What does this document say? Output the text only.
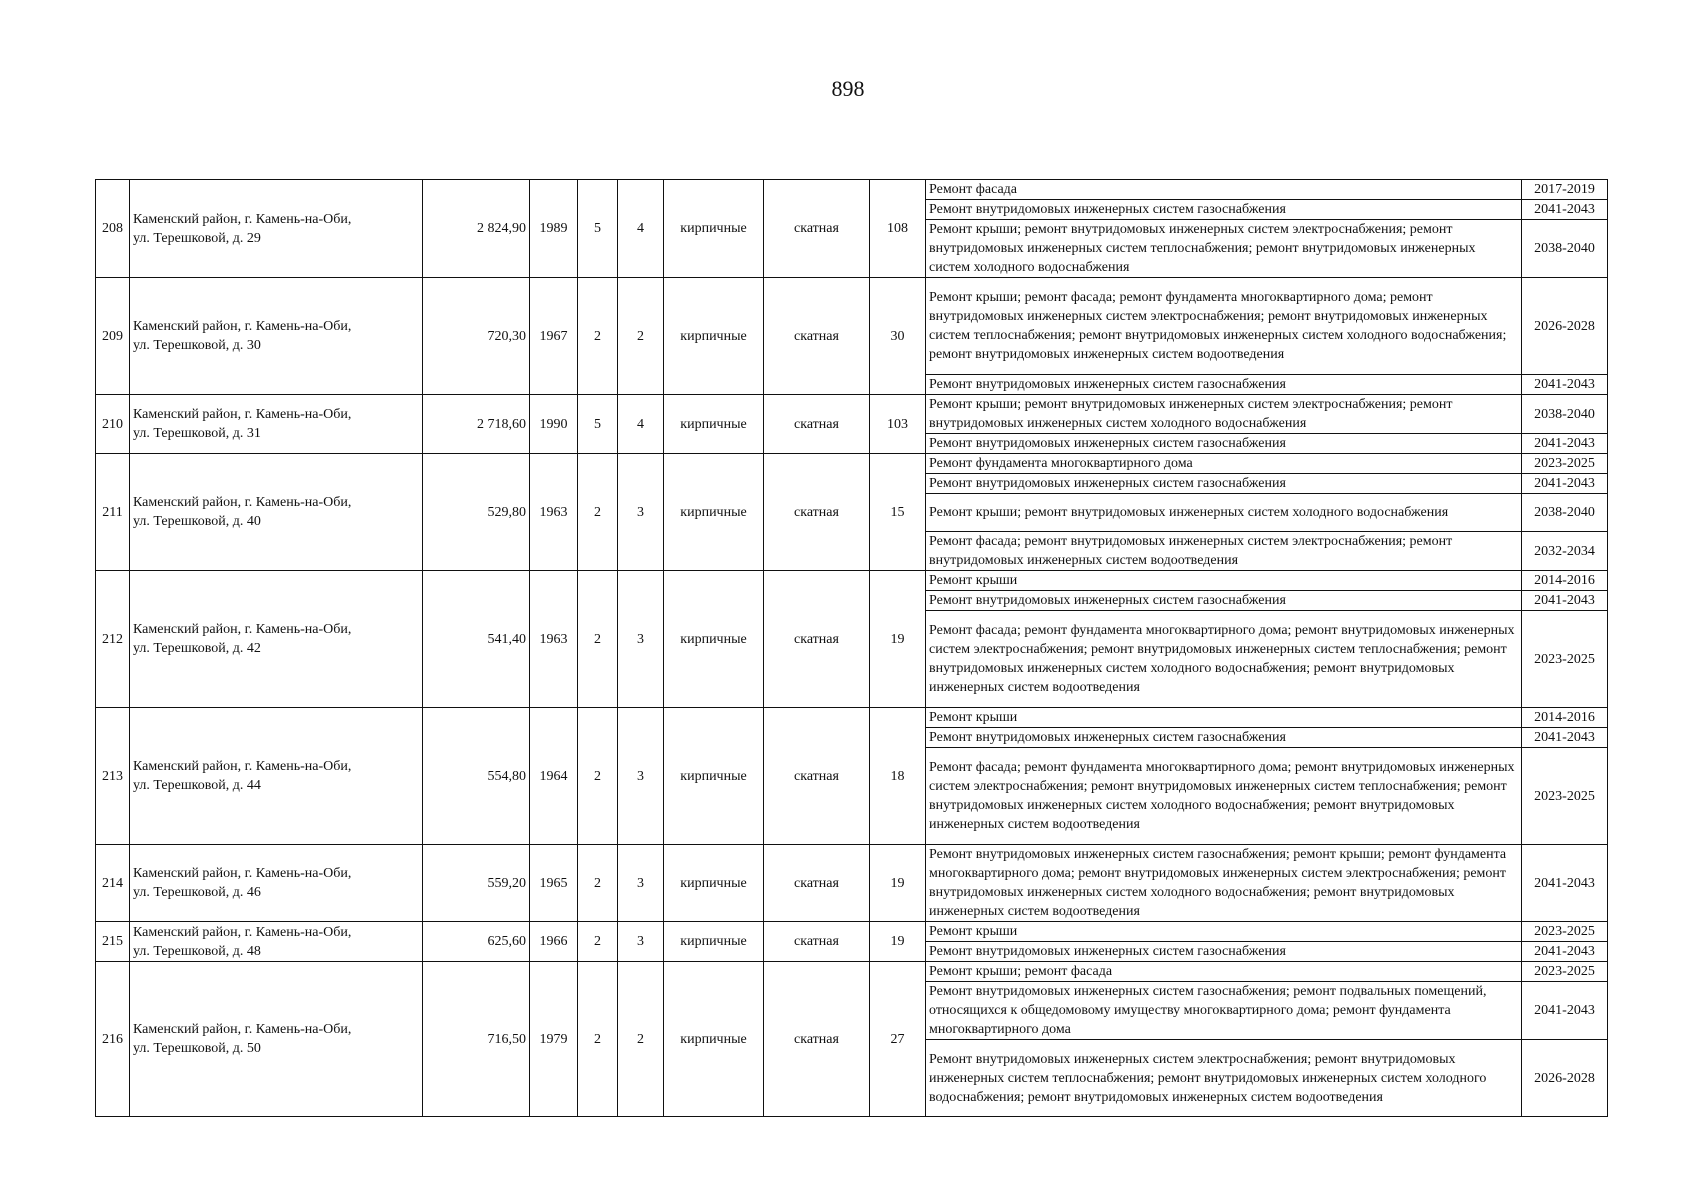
898
208	Каменский район, г. Камень-на-Оби,
ул. Терешковой, д. 29	2 824,90	1989	5	4	кирпичные	скатная	108	Ремонт фасада	2017-2019
									Ремонт внутридомовых инженерных систем газоснабжения	2041-2043
									Ремонт крыши; ремонт внутридомовых инженерных систем электроснабжения; ремонт внутридомовых инженерных систем теплоснабжения; ремонт внутридомовых инженерных систем холодного водоснабжения	2038-2040
209	Каменский район, г. Камень-на-Оби,
ул. Терешковой, д. 30	720,30	1967	2	2	кирпичные	скатная	30	Ремонт крыши; ремонт фасада; ремонт фундамента многоквартирного дома; ремонт внутридомовых инженерных систем электроснабжения; ремонт внутридомовых инженерных систем теплоснабжения; ремонт внутридомовых инженерных систем холодного водоснабжения; ремонт внутридомовых инженерных систем водоотведения	2026-2028
									Ремонт внутридомовых инженерных систем газоснабжения	2041-2043
210	Каменский район, г. Камень-на-Оби,
ул. Терешковой, д. 31	2 718,60	1990	5	4	кирпичные	скатная	103	Ремонт крыши; ремонт внутридомовых инженерных систем электроснабжения; ремонт внутридомовых инженерных систем холодного водоснабжения	2038-2040
									Ремонт внутридомовых инженерных систем газоснабжения	2041-2043
211	Каменский район, г. Камень-на-Оби,
ул. Терешковой, д. 40	529,80	1963	2	3	кирпичные	скатная	15	Ремонт фундамента многоквартирного дома	2023-2025
									Ремонт внутридомовых инженерных систем газоснабжения	2041-2043
									Ремонт крыши; ремонт внутридомовых инженерных систем холодного водоснабжения	2038-2040
									Ремонт фасада; ремонт внутридомовых инженерных систем электроснабжения; ремонт внутридомовых инженерных систем водоотведения	2032-2034
212	Каменский район, г. Камень-на-Оби,
ул. Терешковой, д. 42	541,40	1963	2	3	кирпичные	скатная	19	Ремонт крыши	2014-2016
									Ремонт внутридомовых инженерных систем газоснабжения	2041-2043
									Ремонт фасада; ремонт фундамента многоквартирного дома; ремонт внутридомовых инженерных систем электроснабжения; ремонт внутридомовых инженерных систем теплоснабжения; ремонт внутридомовых инженерных систем холодного водоснабжения; ремонт внутридомовых инженерных систем водоотведения	2023-2025
213	Каменский район, г. Камень-на-Оби,
ул. Терешковой, д. 44	554,80	1964	2	3	кирпичные	скатная	18	Ремонт крыши	2014-2016
									Ремонт внутридомовых инженерных систем газоснабжения	2041-2043
									Ремонт фасада; ремонт фундамента многоквартирного дома; ремонт внутридомовых инженерных систем электроснабжения; ремонт внутридомовых инженерных систем теплоснабжения; ремонт внутридомовых инженерных систем холодного водоснабжения; ремонт внутридомовых инженерных систем водоотведения	2023-2025
214	Каменский район, г. Камень-на-Оби,
ул. Терешковой, д. 46	559,20	1965	2	3	кирпичные	скатная	19	Ремонт внутридомовых инженерных систем газоснабжения; ремонт крыши; ремонт фундамента многоквартирного дома; ремонт внутридомовых инженерных систем электроснабжения; ремонт внутридомовых инженерных систем холодного водоснабжения; ремонт внутридомовых инженерных систем водоотведения	2041-2043
215	Каменский район, г. Камень-на-Оби,
ул. Терешковой, д. 48	625,60	1966	2	3	кирпичные	скатная	19	Ремонт крыши	2023-2025
									Ремонт внутридомовых инженерных систем газоснабжения	2041-2043
216	Каменский район, г. Камень-на-Оби,
ул. Терешковой, д. 50	716,50	1979	2	2	кирпичные	скатная	27	Ремонт крыши; ремонт фасада	2023-2025
									Ремонт внутридомовых инженерных систем газоснабжения; ремонт подвальных помещений, относящихся к общедомовому имуществу многоквартирного дома; ремонт фундамента многоквартирного дома	2041-2043
									Ремонт внутридомовых инженерных систем электроснабжения; ремонт внутридомовых инженерных систем теплоснабжения; ремонт внутридомовых инженерных систем холодного водоснабжения; ремонт внутридомовых инженерных систем водоотведения	2026-2028
